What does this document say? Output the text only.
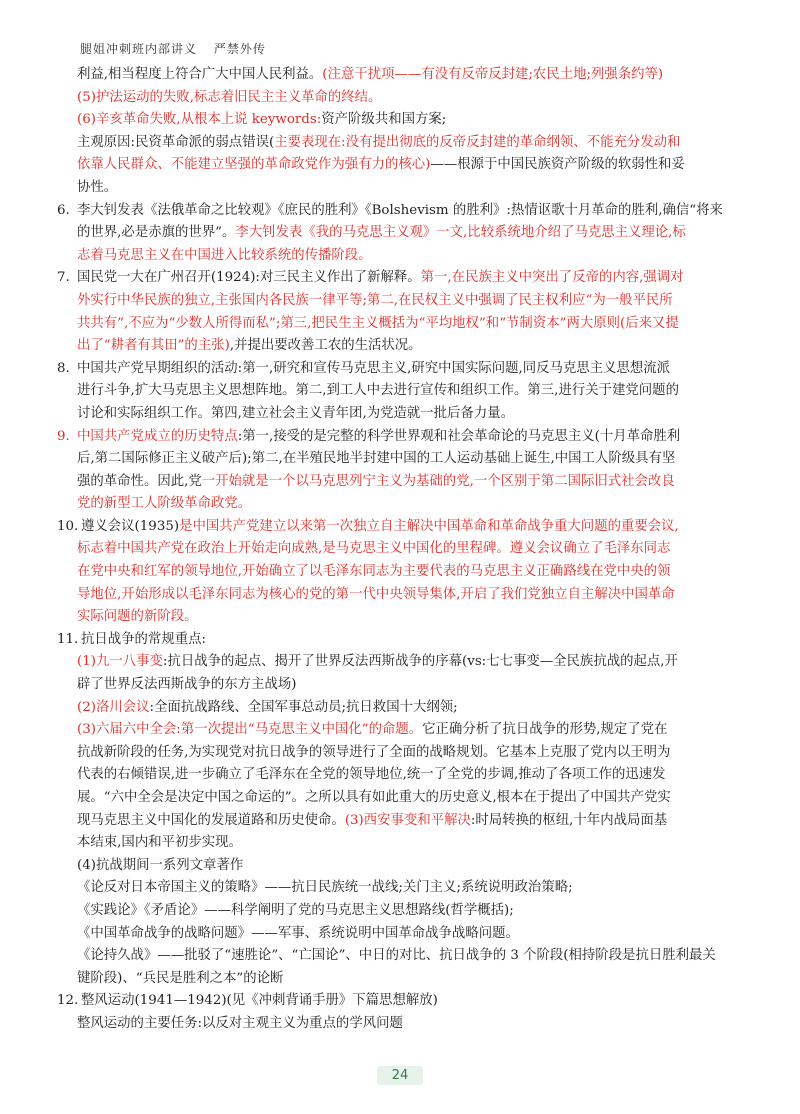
腿姐冲刺班内部讲义 严禁外传
利益,相当程度上符合广大中国人民利益。(注意干扰项——有没有反帝反封建;农民土地;列强条约等)
(5)护法运动的失败,标志着旧民主主义革命的终结。
(6)辛亥革命失败,从根本上说 keywords:资产阶级共和国方案;
主观原因:民资革命派的弱点错误(主要表现在:没有提出彻底的反帝反封建的革命纲领、不能充分发动和
依靠人民群众、不能建立坚强的革命政党作为强有力的核心)——根源于中国民族资产阶级的软弱性和妥
协性。
6. 李大钊发表《法俄革命之比较观》《庶民的胜利》《Bolshevism 的胜利》:热情讴歌十月革命的胜利,确信“将来
的世界,必是赤旗的世界”。李大钊发表《我的马克思主义观》一文,比较系统地介绍了马克思主义理论,标
志着马克思主义在中国进入比较系统的传播阶段。
7. 国民党一大在广州召开(1924):对三民主义作出了新解释。第一,在民族主义中突出了反帝的内容,强调对
外实行中华民族的独立,主张国内各民族一律平等;第二,在民权主义中强调了民主权利应“为一般平民所
共共有”,不应为“少数人所得而私”;第三,把民生主义概括为“平均地权”和“节制资本”两大原则(后来又提
出了“耕者有其田”的主张),并提出要改善工农的生活状况。
8. 中国共产党早期组织的活动:第一,研究和宣传马克思主义,研究中国实际问题,同反马克思主义思想流派
进行斗争,扩大马克思主义思想阵地。第二,到工人中去进行宣传和组织工作。第三,进行关于建党问题的
讨论和实际组织工作。第四,建立社会主义青年团,为党造就一批后备力量。
9. 中国共产党成立的历史特点:第一,接受的是完整的科学世界观和社会革命论的马克思主义(十月革命胜利
后,第二国际修正主义破产后);第二,在半殖民地半封建中国的工人运动基础上诞生,中国工人阶级具有坚
强的革命性。因此,党一开始就是一个以马克思列宁主义为基础的党,一个区别于第二国际旧式社会改良
党的新型工人阶级革命政党。
10. 遵义会议(1935)是中国共产党建立以来第一次独立自主解决中国革命和革命战争重大问题的重要会议,
标志着中国共产党在政治上开始走向成熟,是马克思主义中国化的里程碑。遵义会议确立了毛泽东同志
在党中央和红军的领导地位,开始确立了以毛泽东同志为主要代表的马克思主义正确路线在党中央的领
导地位,开始形成以毛泽东同志为核心的党的第一代中央领导集体,开启了我们党独立自主解决中国革命
实际问题的新阶段。
11. 抗日战争的常规重点:
(1)九一八事变:抗日战争的起点、揭开了世界反法西斯战争的序幕(vs:七七事变—全民族抗战的起点,开
辟了世界反法西斯战争的东方主战场)
(2)洛川会议:全面抗战路线、全国军事总动员;抗日救国十大纲领;
(3)六届六中全会:第一次提出“马克思主义中国化”的命题。它正确分析了抗日战争的形势,规定了党在
抗战新阶段的任务,为实现党对抗日战争的领导进行了全面的战略规划。它基本上克服了党内以王明为
代表的右倾错误,进一步确立了毛泽东在全党的领导地位,统一了全党的步调,推动了各项工作的迅速发
展。“六中全会是决定中国之命运的”。之所以具有如此重大的历史意义,根本在于提出了中国共产党实
现马克思主义中国化的发展道路和历史使命。(3)西安事变和平解决:时局转换的枢纽,十年内战局面基
本结束,国内和平初步实现。
(4)抗战期间一系列文章著作
《论反对日本帝国主义的策略》——抗日民族统一战线;关门主义;系统说明政治策略;
《实践论》《矛盾论》——科学阐明了党的马克思主义思想路线(哲学概括);
《中国革命战争的战略问题》——军事、系统说明中国革命战争战略问题。
《论持久战》——批驳了“速胜论”、“亡国论”、中日的对比、抗日战争的 3 个阶段(相持阶段是抗日胜利最关
键阶段)、“兵民是胜利之本”的论断
12. 整风运动(1941—1942)(见《冲刺背诵手册》下篇思想解放)
整风运动的主要任务:以反对主观主义为重点的学风问题
24
